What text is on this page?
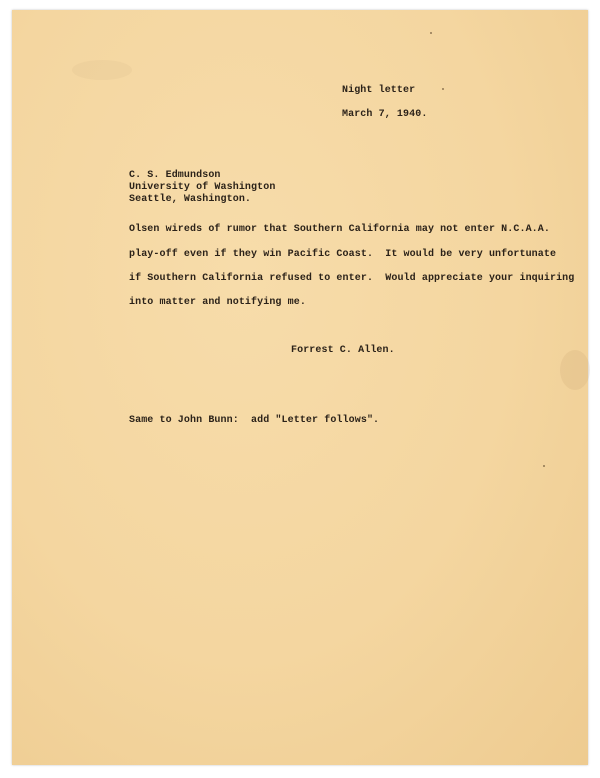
Night letter
March 7, 1940.
C. S. Edmundson
University of Washington
Seattle, Washington.
Olsen wireds of rumor that Southern California may not enter N.C.A.A.
play-off even if they win Pacific Coast.  It would be very unfortunate
if Southern California refused to enter.  Would appreciate your inquiring
into matter and notifying me.
Forrest C. Allen.
Same to John Bunn:  add "Letter follows".
